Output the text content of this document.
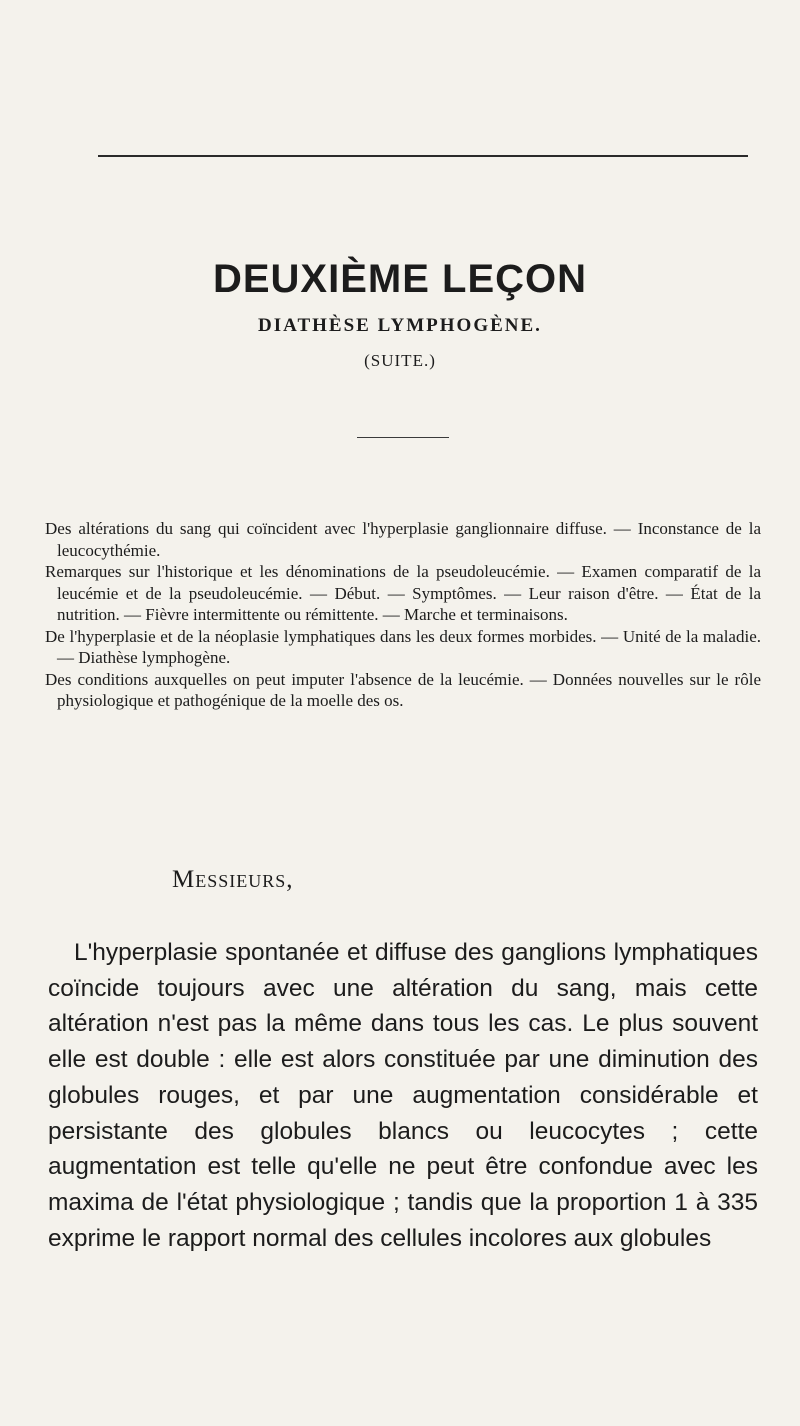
DEUXIÈME LEÇON
DIATHÈSE LYMPHOGÈNE.
(SUITE.)

Des altérations du sang qui coïncident avec l'hyperplasie ganglionnaire diffuse. — Inconstance de la leucocythémie.

Remarques sur l'historique et les dénominations de la pseudoleucémie. — Examen comparatif de la leucémie et de la pseudoleucémie. — Début. — Symptômes. — Leur raison d'être. — État de la nutrition. — Fièvre intermittente ou rémittente. — Marche et terminaisons.

De l'hyperplasie et de la néoplasie lymphatiques dans les deux formes morbides. — Unité de la maladie. — Diathèse lymphogène.

Des conditions auxquelles on peut imputer l'absence de la leucémie. — Données nouvelles sur le rôle physiologique et pathogénique de la moelle des os.

Messieurs,

L'hyperplasie spontanée et diffuse des ganglions lymphatiques coïncide toujours avec une altération du sang, mais cette altération n'est pas la même dans tous les cas. Le plus souvent elle est double : elle est alors constituée par une diminution des globules rouges, et par une augmentation considérable et persistante des globules blancs ou leucocytes ; cette augmentation est telle qu'elle ne peut être confondue avec les maxima de l'état physiologique ; tandis que la proportion 1 à 335 exprime le rapport normal des cellules incolores aux globules
